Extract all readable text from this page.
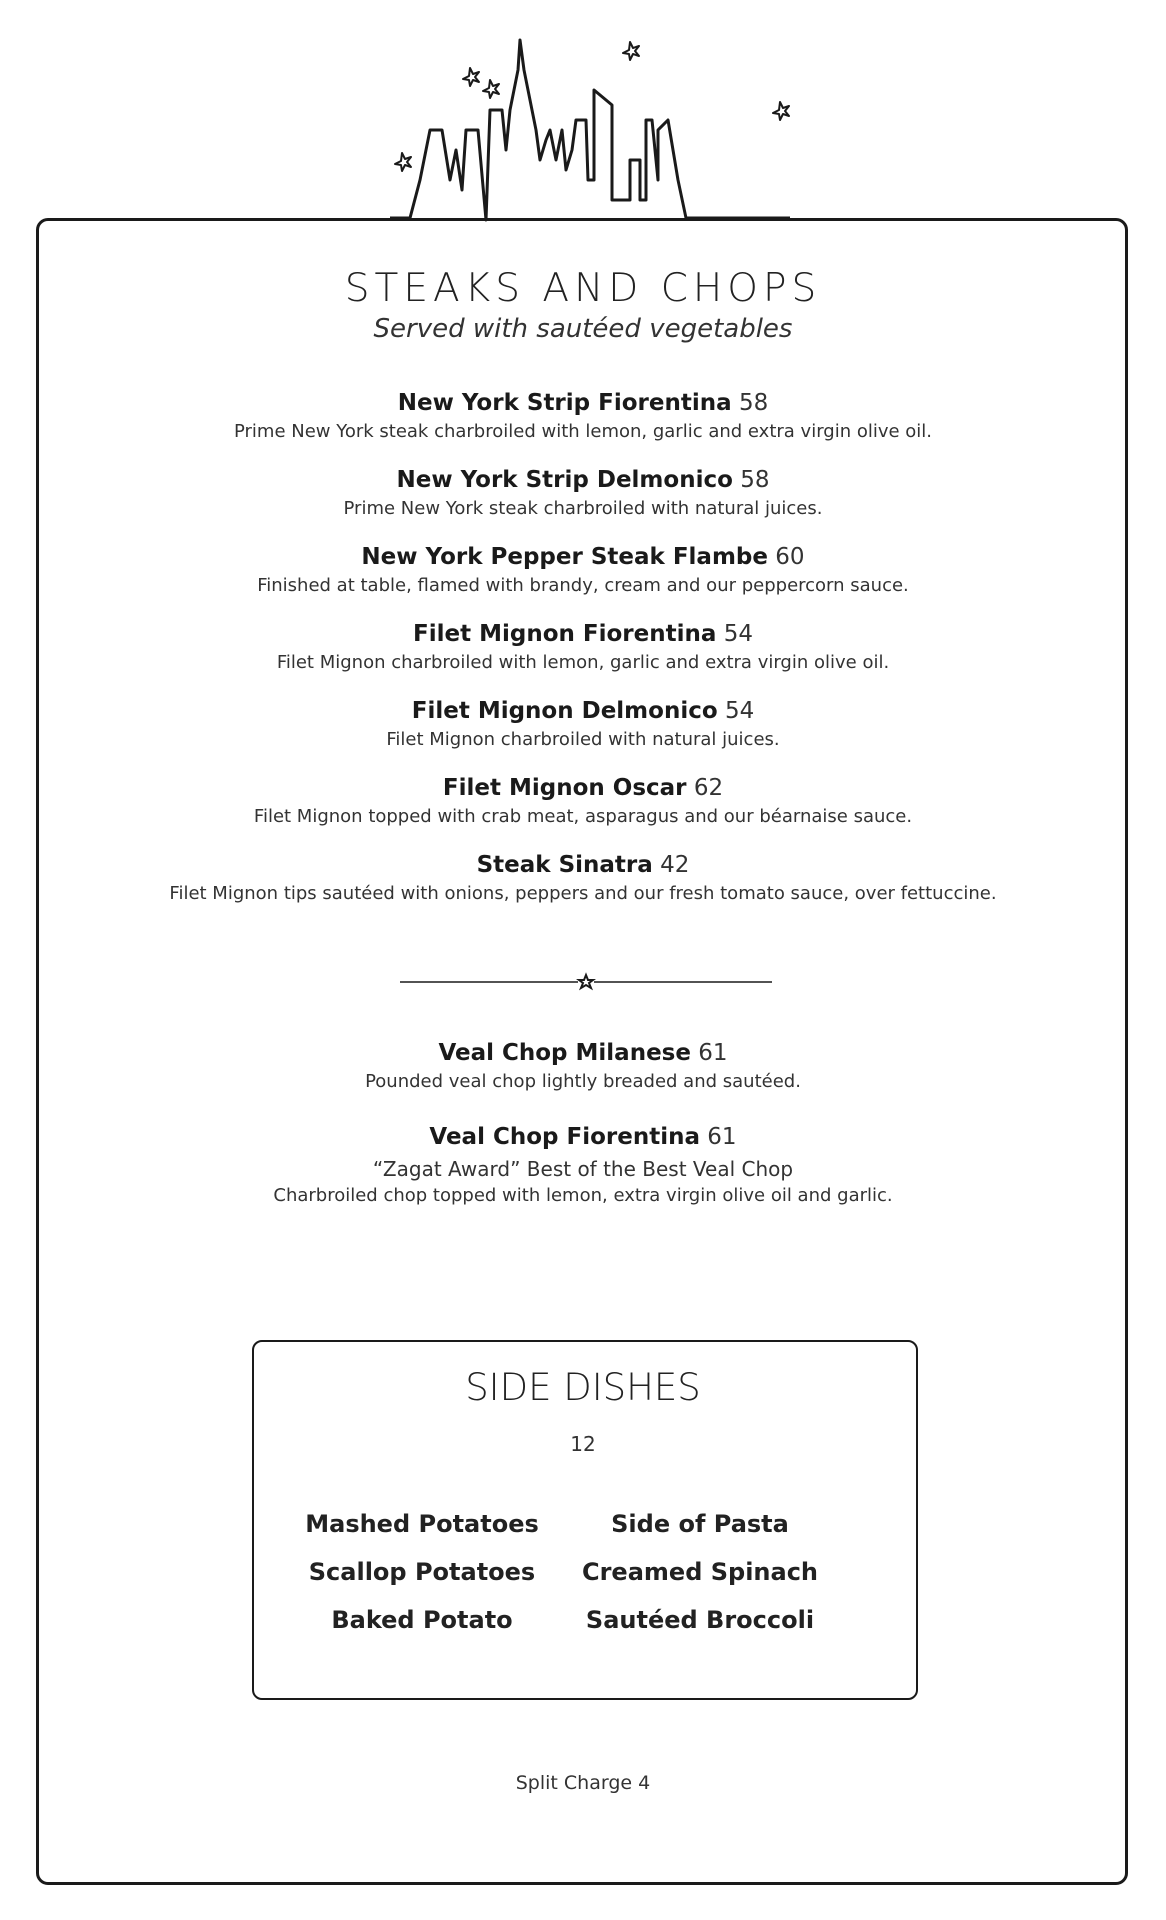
STEAKS AND CHOPS
Served with sautéed vegetables
New York Strip Fiorentina 58
Prime New York steak charbroiled with lemon, garlic and extra virgin olive oil.
New York Strip Delmonico 58
Prime New York steak charbroiled with natural juices.
New York Pepper Steak Flambe 60
Finished at table, flamed with brandy, cream and our peppercorn sauce.
Filet Mignon Fiorentina 54
Filet Mignon charbroiled with lemon, garlic and extra virgin olive oil.
Filet Mignon Delmonico 54
Filet Mignon charbroiled with natural juices.
Filet Mignon Oscar 62
Filet Mignon topped with crab meat, asparagus and our béarnaise sauce.
Steak Sinatra 42
Filet Mignon tips sautéed with onions, peppers and our fresh tomato sauce, over fettuccine.
Veal Chop Milanese 61
Pounded veal chop lightly breaded and sautéed.
Veal Chop Fiorentina 61
“Zagat Award” Best of the Best Veal Chop
Charbroiled chop topped with lemon, extra virgin olive oil and garlic.
SIDE DISHES
12
Mashed Potatoes
Scallop Potatoes
Baked Potato
Side of Pasta
Creamed Spinach
Sautéed Broccoli
Split Charge 4
